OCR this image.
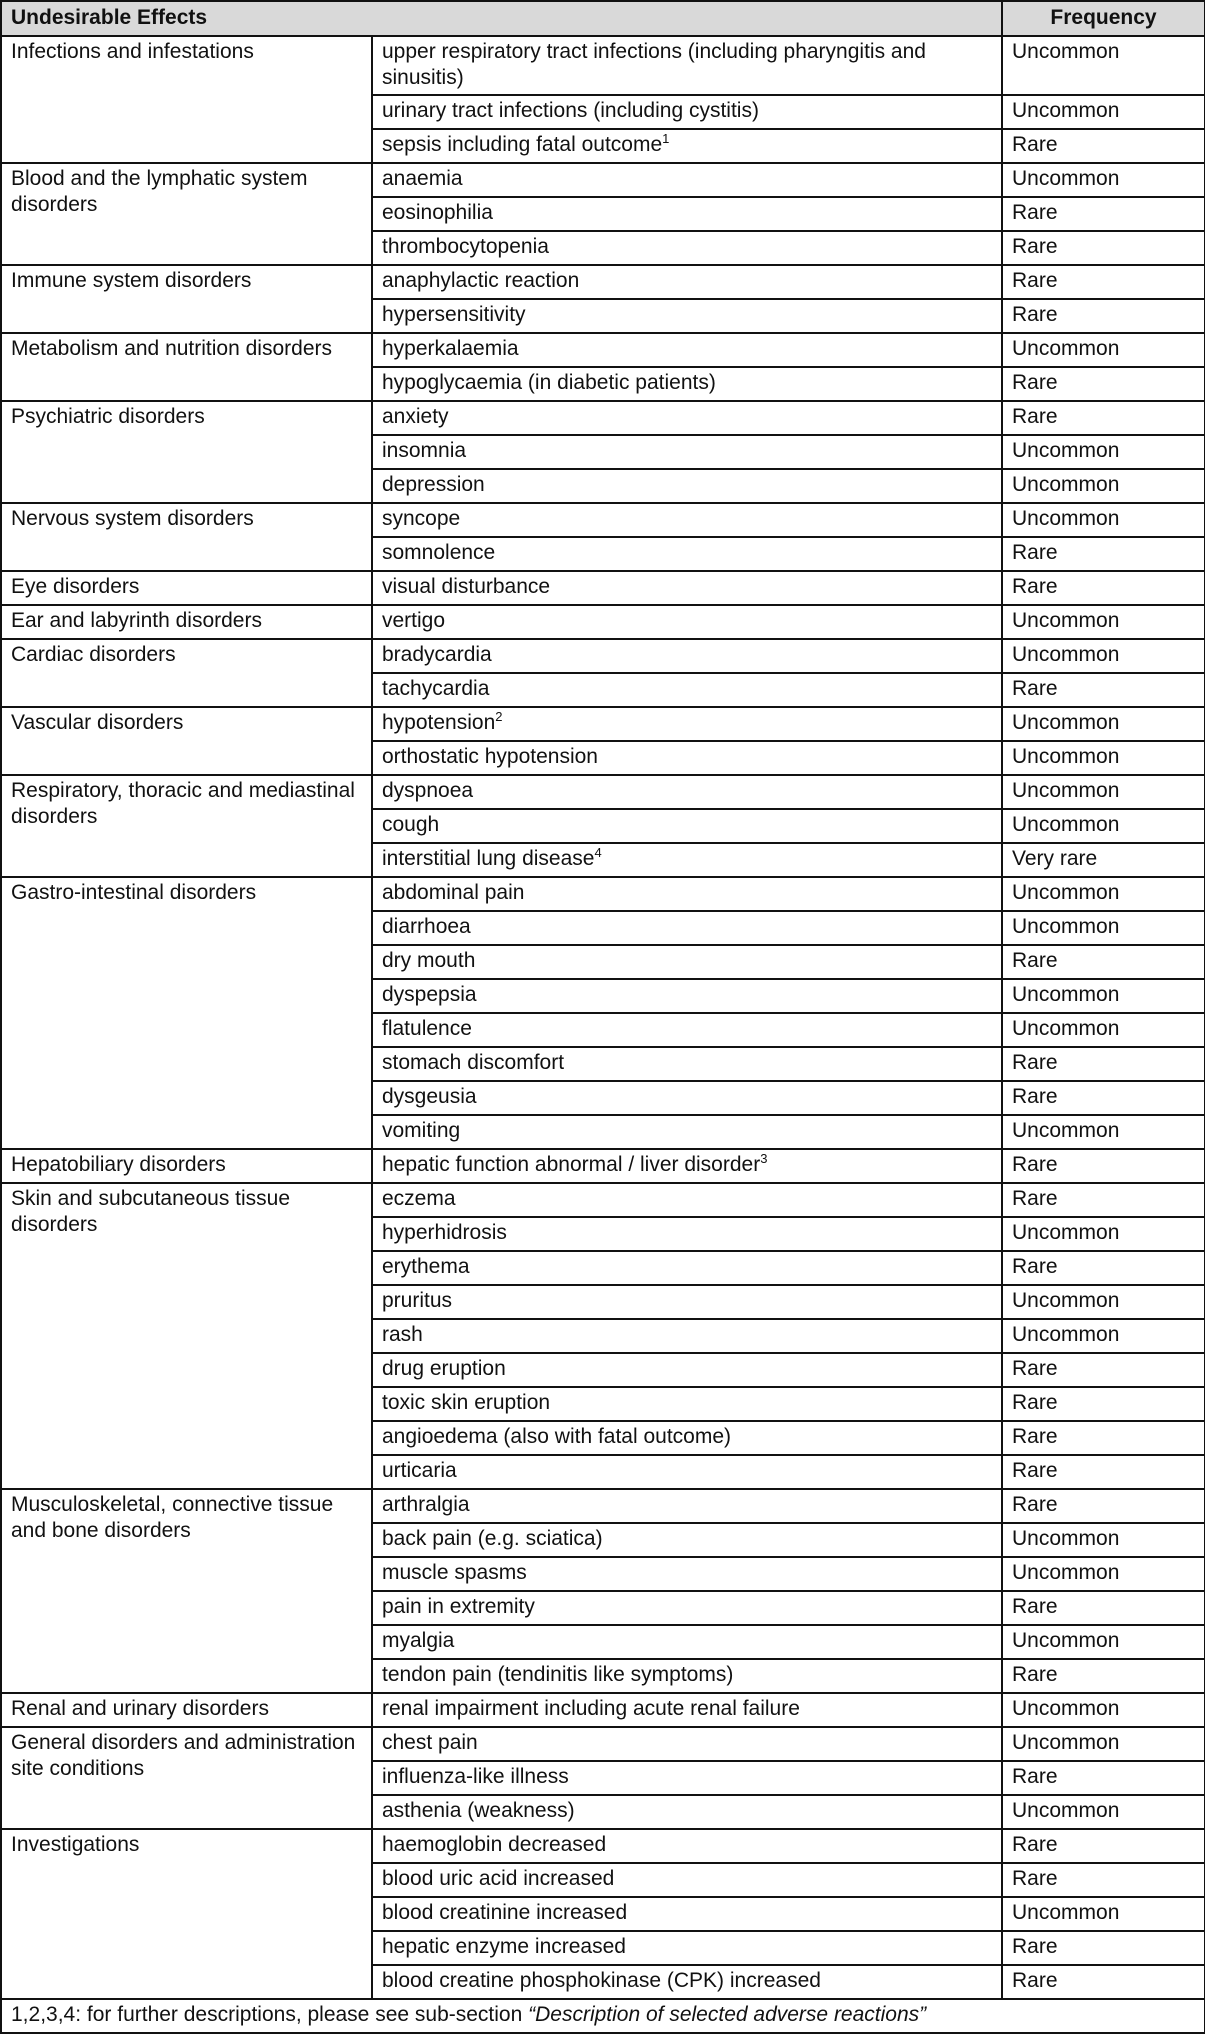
Undesirable Effects		Frequency
Infections and infestations	upper respiratory tract infections (including pharyngitis and sinusitis)	Uncommon
	urinary tract infections (including cystitis)	Uncommon
	sepsis including fatal outcome$^1$	Rare
Blood and the lymphatic system disorders	anaemia	Uncommon
	eosinophilia	Rare
	thrombocytopenia	Rare
Immune system disorders	anaphylactic reaction	Rare
	hypersensitivity	Rare
Metabolism and nutrition disorders	hyperkalaemia	Uncommon
	hypoglycaemia (in diabetic patients)	Rare
Psychiatric disorders	anxiety	Rare
	insomnia	Uncommon
	depression	Uncommon
Nervous system disorders	syncope	Uncommon
	somnolence	Rare
Eye disorders	visual disturbance	Rare
Ear and labyrinth disorders	vertigo	Uncommon
Cardiac disorders	bradycardia	Uncommon
	tachycardia	Rare
Vascular disorders	hypotension$^2$	Uncommon
	orthostatic hypotension	Uncommon
Respiratory, thoracic and mediastinal disorders	dyspnoea	Uncommon
	cough	Uncommon
	interstitial lung disease$^4$	Very rare
Gastro-intestinal disorders	abdominal pain	Uncommon
	diarrhoea	Uncommon
	dry mouth	Rare
	dyspepsia	Uncommon
	flatulence	Uncommon
	stomach discomfort	Rare
	dysgeusia	Rare
	vomiting	Uncommon
Hepatobiliary disorders	hepatic function abnormal / liver disorder$^3$	Rare
Skin and subcutaneous tissue disorders	eczema	Rare
	hyperhidrosis	Uncommon
	erythema	Rare
	pruritus	Uncommon
	rash	Uncommon
	drug eruption	Rare
	toxic skin eruption	Rare
	angioedema (also with fatal outcome)	Rare
	urticaria	Rare
Musculoskeletal, connective tissue and bone disorders	arthralgia	Rare
	back pain (e.g. sciatica)	Uncommon
	muscle spasms	Uncommon
	pain in extremity	Rare
	myalgia	Uncommon
	tendon pain (tendinitis like symptoms)	Rare
Renal and urinary disorders	renal impairment including acute renal failure	Uncommon
General disorders and administration site conditions	chest pain	Uncommon
	influenza-like illness	Rare
	asthenia (weakness)	Uncommon
Investigations	haemoglobin decreased	Rare
	blood uric acid increased	Rare
	blood creatinine increased	Uncommon
	hepatic enzyme increased	Rare
	blood creatine phosphokinase (CPK) increased	Rare
1,2,3,4: for further descriptions, please see sub-section “Description of selected adverse reactions”		
